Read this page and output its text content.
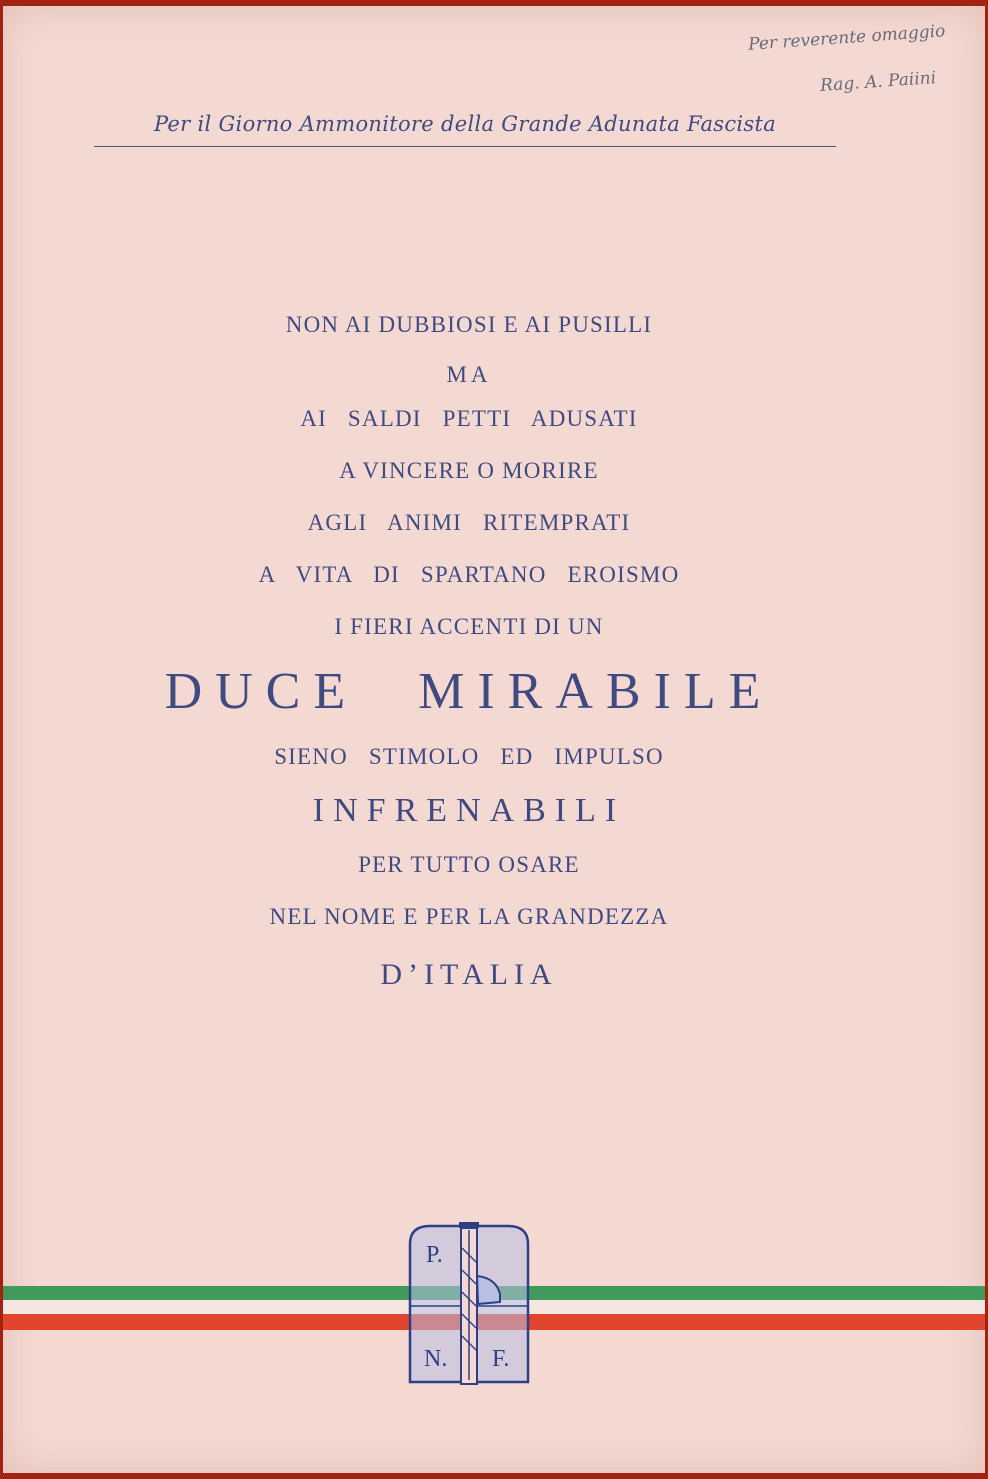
Per reverente omaggio
Rag. A. Paiini
Per il Giorno Ammonitore della Grande Adunata Fascista
NON AI DUBBIOSI E AI PUSILLI
MA
AI SALDI PETTI ADUSATI
A VINCERE O MORIRE
AGLI ANIMI RITEMPRATI
A VITA DI SPARTANO EROISMO
I FIERI ACCENTI DI UN
DUCE MIRABILE
SIENO STIMOLO ED IMPULSO
INFRENABILI
PER TUTTO OSARE
NEL NOME E PER LA GRANDEZZA
D’ITALIA
P.
N. F.
